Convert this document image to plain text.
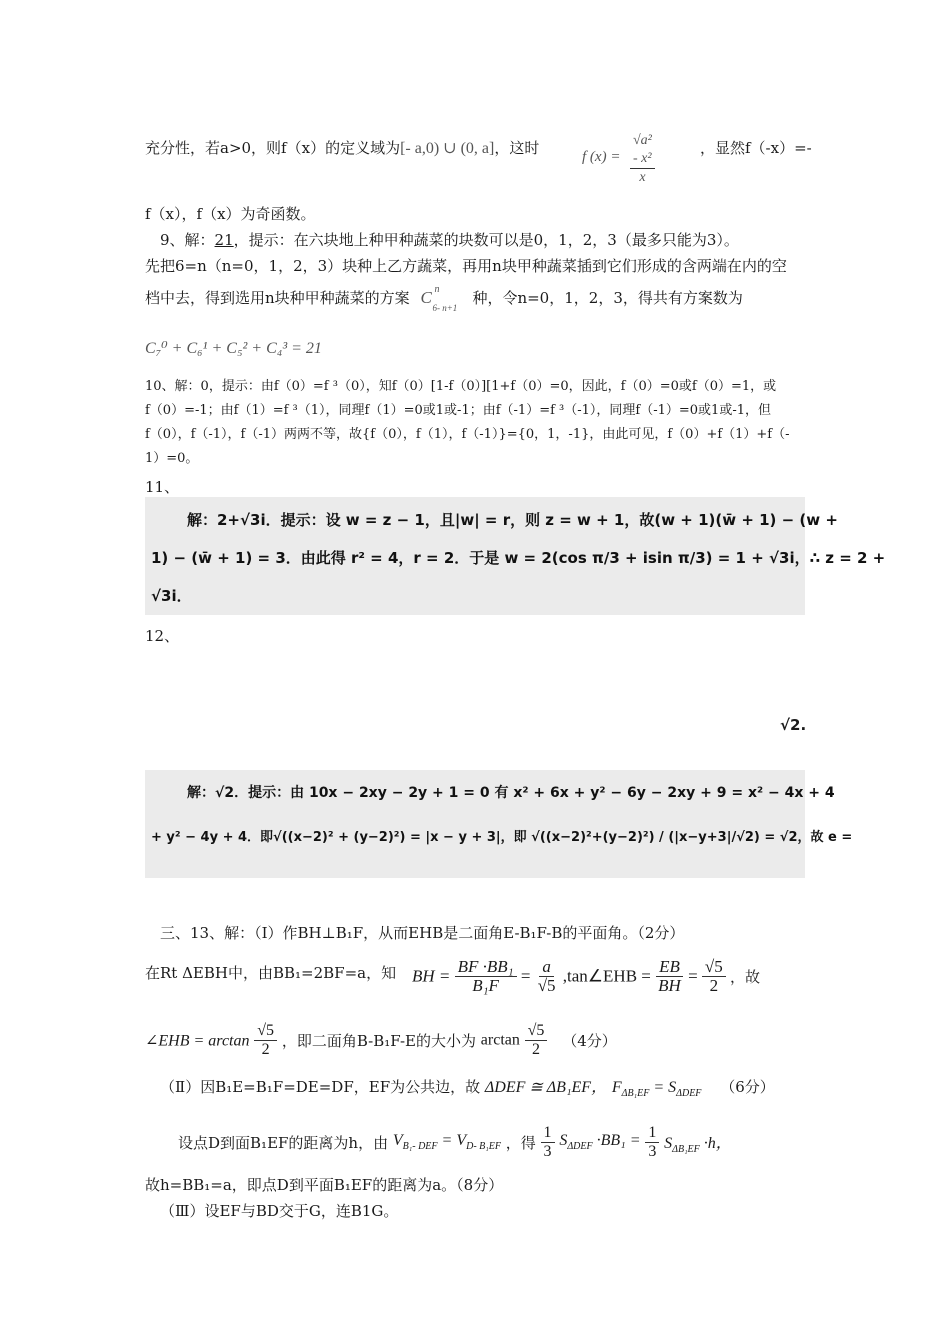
充分性，若a>0，则f（x）的定义域为[- a,0) ∪ (0, a]，这时	f $(x) = \frac{\text{√a² - x²}}{x}$	，显然f（-x）=-
f（x），f（x）为奇函数。
9、解：21，提示：在六块地上种甲种蔬菜的块数可以是0，1，2，3（最多只能为3）。
先把6=n（n=0，1，2，3）块种上乙方蔬菜，再用n块甲种蔬菜插到它们形成的含两端在内的空
档中去，得到选用n块种甲种蔬菜的方案 C n
6- n+1
种，令n=0，1，2，3，得共有方案数为
C₇⁰ + C₆¹ + C₅² + C₄³ = 21
10、解：0，提示：由f（0）=f ³（0），知f（0）[1-f（0）][1+f（0）=0，因此，f（0）=0或f（0）=1，或
f（0）=-1；由f（1）=f ³（1），同理f（1）=0或1或-1；由f（-1）=f ³（-1），同理f（-1）=0或1或-1，但
f（0），f（-1），f（-1）两两不等，故{f（0），f（1），f（-1）}={0，1，-1}，由此可见，f（0）+f（1）+f（-
1）=0。
11、
解：2+√3i．提示：设 w = z − 1，且|w| = r，则 z = w + 1，故(w + 1)(w̄ + 1) − (w +
1) − (w̄ + 1) = 3．由此得 r² = 4，r = 2．于是 w = 2(cos π/3 + isin π/3) = 1 + √3i，∴ z = 2 +
√3i．
12、
√2.
解：√2．提示：由 10x − 2xy − 2y + 1 = 0 有 x² + 6x + y² − 6y − 2xy + 9 = x² − 4x + 4
+ y² − 4y + 4．即√((x−2)² + (y−2)²) = |x − y + 3|，即 √((x−2)²+(y−2)²) / (|x−y+3|/√2) = √2，故 e =
三、13、解：（Ⅰ）作BH⊥B₁F，从而EHB是二面角E-B₁F-B的平面角。（2分）
在Rt ΔEBH中，由BB₁=2BF=a，知 BH = $\frac{\text{BF ·BB₁}}{\text{B₁F}} = \frac{a}{√5}$ ,tan∠EHB = $\frac{EB}{BH} = \frac{√5}{2}$ ，故
∠EHB = $\arctan \frac{√5}{2}$ ，即二面角B-B₁F-E的大小为 $\arctan \frac{√5}{2} (4$分）
（Ⅱ）因B₁E=B₁F=DE=DF，EF为公共边，故 ΔDEF ≅ ΔB₁EF， $F_{\Delta B_1EF} = S_{\Delta DEF}$ （6分）
设点D到面B₁EF的距离为h，由 $V_{B_1- DEF} = V_{D- B_1EF}$ ，得 $\frac{1}{3} S_{\Delta DEF} \cdot BB_1 = \frac{1}{3} S_{\Delta B_1EF} \cdot h$，
故h=BB₁=a，即点D到平面B₁EF的距离为a。（8分）
（Ⅲ）设EF与BD交于G，连B1G。
